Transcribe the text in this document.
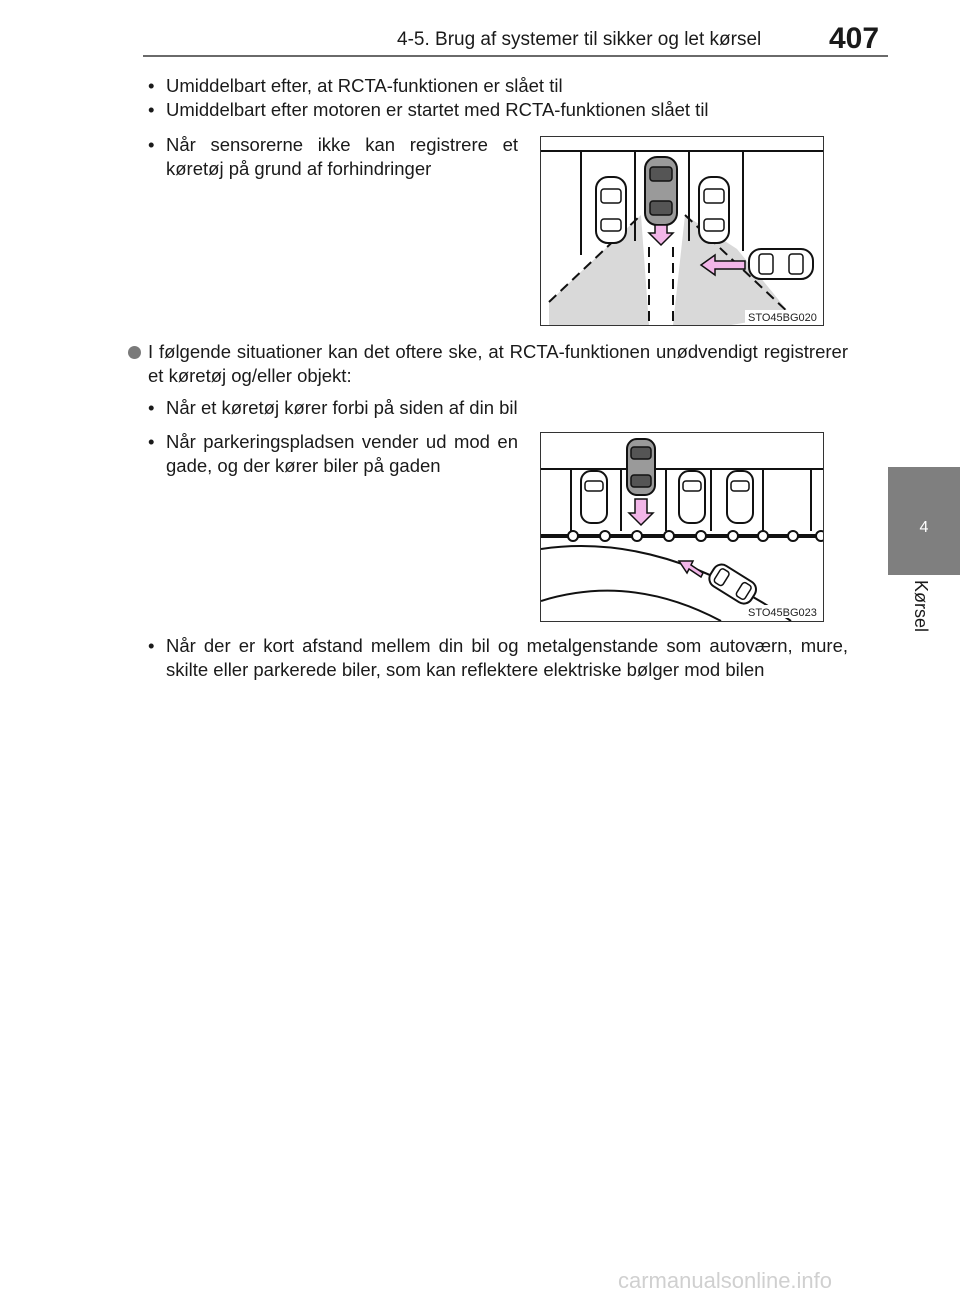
4-5. Brug af systemer til sikker og let kørsel 407
4
Kørsel
• Umiddelbart efter, at RCTA-funktionen er slået til
• Umiddelbart efter motoren er startet med RCTA-funktionen slået til
• Når sensorerne ikke kan registrere et køretøj på grund af forhindringer
STO45BG020
I følgende situationer kan det oftere ske, at RCTA-funktionen unødvendigt registrerer et køretøj og/eller objekt:
• Når et køretøj kører forbi på siden af din bil
• Når parkeringspladsen vender ud mod en gade, og der kører biler på gaden
STO45BG023
• Når der er kort afstand mellem din bil og metalgenstande som autoværn, mure, skilte eller parkerede biler, som kan reflektere elektriske bølger mod bilen
carmanualsonline.info
